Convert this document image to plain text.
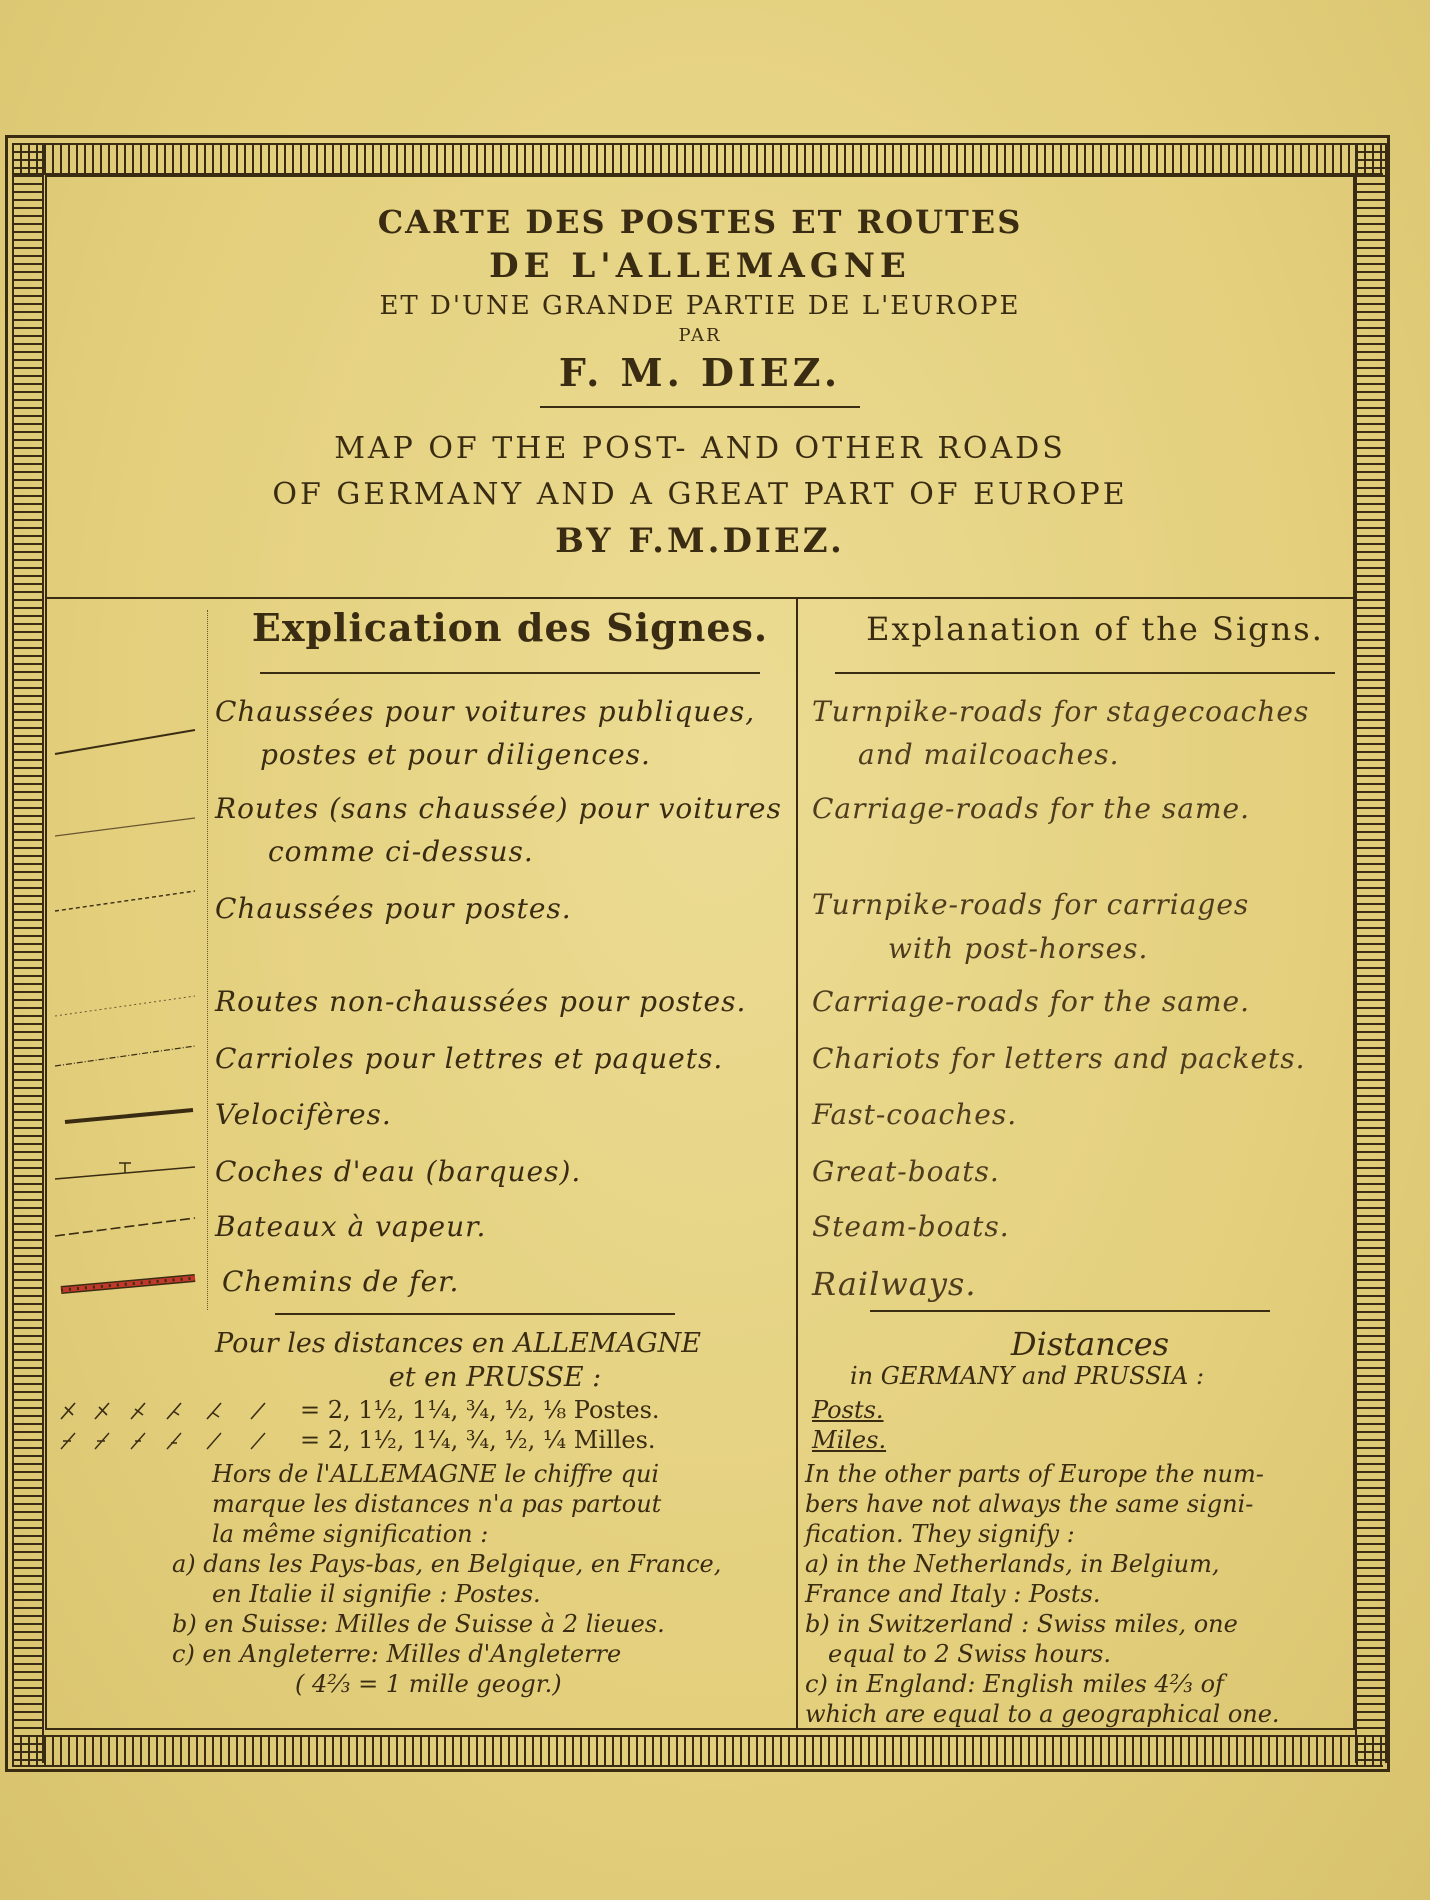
CARTE DES POSTES ET ROUTES
DE L'ALLEMAGNE
ET D'UNE GRANDE PARTIE DE L'EUROPE
PAR
F. M. DIEZ.
MAP OF THE POST- AND OTHER ROADS
OF GERMANY AND A GREAT PART OF EUROPE
BY F.M.DIEZ.
Explication des Signes.	Explanation of the Signs.
Chaussées pour voitures publiques,
postes et pour diligences.
Routes (sans chaussée) pour voitures
comme ci-dessus.
Chaussées pour postes.
Routes non-chaussées pour postes.
Carrioles pour lettres et paquets.
Velocifères.
Coches d'eau (barques).
Bateaux à vapeur.
Chemins de fer.
Turnpike-roads for stagecoaches
and mailcoaches.
Carriage-roads for the same.
Turnpike-roads for carriages
with post-horses.
Carriage-roads for the same.
Chariots for letters and packets.
Fast-coaches.
Great-boats.
Steam-boats.
Railways.
Pour les distances en ALLEMAGNE
et en PRUSSE :
= 2, 1½, 1¼, ¾, ½, ⅛ Postes.
= 2, 1½, 1¼, ¾, ½, ¼ Milles.
Hors de l'ALLEMAGNE le chiffre qui
marque les distances n'a pas partout
la même signification :
a) dans les Pays-bas, en Belgique, en France,
en Italie il signifie : Postes.
b) en Suisse: Milles de Suisse à 2 lieues.
c) en Angleterre: Milles d'Angleterre
( 4⅔ = 1 mille geogr.)
Distances
in GERMANY and PRUSSIA :
Posts.
Miles.
In the other parts of Europe the num-
bers have not always the same signi-
fication. They signify :
a) in the Netherlands, in Belgium,
France and Italy : Posts.
b) in Switzerland : Swiss miles, one
equal to 2 Swiss hours.
c) in England: English miles 4⅔ of
which are equal to a geographical one.
